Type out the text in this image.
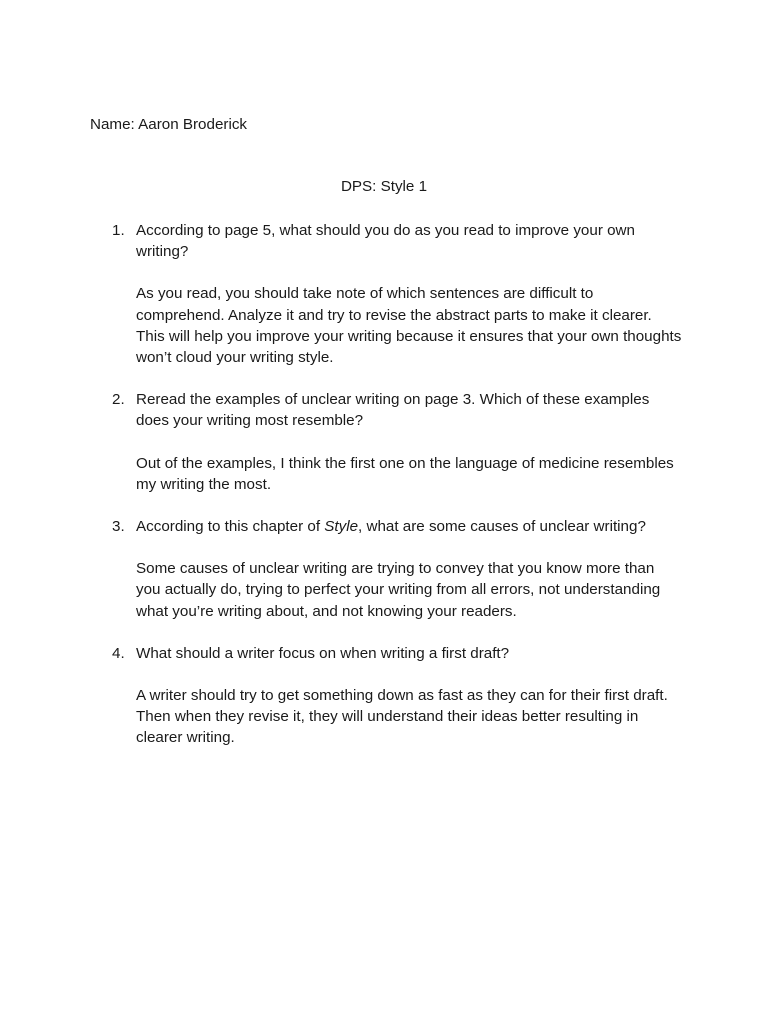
Name: Aaron Broderick
DPS: Style 1
1. According to page 5, what should you do as you read to improve your own writing?

As you read, you should take note of which sentences are difficult to comprehend. Analyze it and try to revise the abstract parts to make it clearer. This will help you improve your writing because it ensures that your own thoughts won’t cloud your writing style.

2. Reread the examples of unclear writing on page 3. Which of these examples does your writing most resemble?

Out of the examples, I think the first one on the language of medicine resembles my writing the most.

3. According to this chapter of Style, what are some causes of unclear writing?

Some causes of unclear writing are trying to convey that you know more than you actually do, trying to perfect your writing from all errors, not understanding what you’re writing about, and not knowing your readers.

4. What should a writer focus on when writing a first draft?

A writer should try to get something down as fast as they can for their first draft. Then when they revise it, they will understand their ideas better resulting in clearer writing.
